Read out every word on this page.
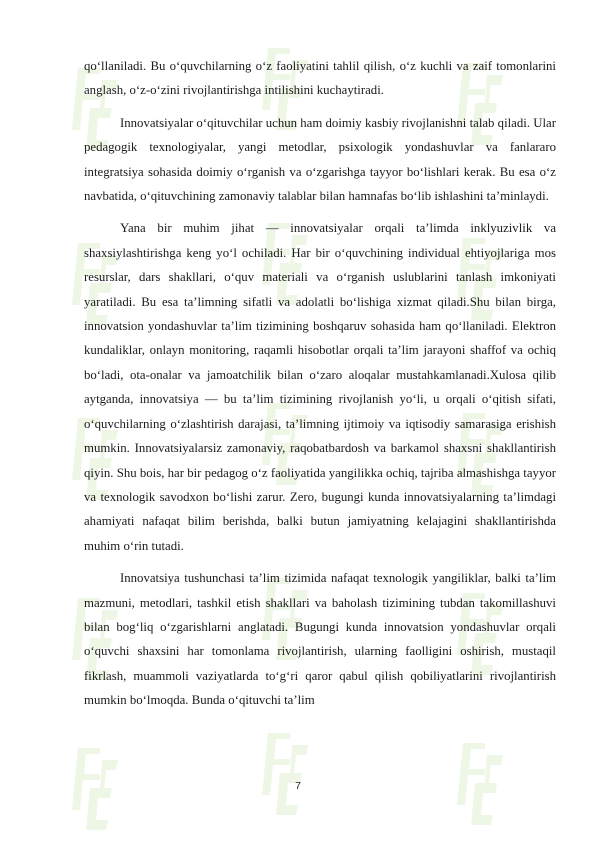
qo‘llaniladi. Bu o‘quvchilarning o‘z faoliyatini tahlil qilish, o‘z kuchli va zaif tomonlarini anglash, o‘z-o‘zini rivojlantirishga intilishini kuchaytiradi.

Innovatsiyalar o‘qituvchilar uchun ham doimiy kasbiy rivojlanishni talab qiladi. Ular pedagogik texnologiyalar, yangi metodlar, psixologik yondashuvlar va fanlararo integratsiya sohasida doimiy o‘rganish va o‘zgarishga tayyor bo‘lishlari kerak. Bu esa o‘z navbatida, o‘qituvchining zamonaviy talablar bilan hamnafas bo‘lib ishlashini ta’minlaydi.

Yana bir muhim jihat — innovatsiyalar orqali ta’limda inklyuzivlik va shaxsiylashtirishga keng yo‘l ochiladi. Har bir o‘quvchining individual ehtiyojlariga mos resurslar, dars shakllari, o‘quv materiali va o‘rganish uslublarini tanlash imkoniyati yaratiladi. Bu esa ta’limning sifatli va adolatli bo‘lishiga xizmat qiladi.Shu bilan birga, innovatsion yondashuvlar ta’lim tizimining boshqaruv sohasida ham qo‘llaniladi. Elektron kundaliklar, onlayn monitoring, raqamli hisobotlar orqali ta’lim jarayoni shaffof va ochiq bo‘ladi, ota-onalar va jamoatchilik bilan o‘zaro aloqalar mustahkamlanadi.Xulosa qilib aytganda, innovatsiya — bu ta’lim tizimining rivojlanish yo‘li, u orqali o‘qitish sifati, o‘quvchilarning o‘zlashtirish darajasi, ta’limning ijtimoiy va iqtisodiy samarasiga erishish mumkin. Innovatsiyalarsiz zamonaviy, raqobatbardosh va barkamol shaxsni shakllantirish qiyin. Shu bois, har bir pedagog o‘z faoliyatida yangilikka ochiq, tajriba almashishga tayyor va texnologik savodxon bo‘lishi zarur. Zero, bugungi kunda innovatsiyalarning ta’limdagi ahamiyati nafaqat bilim berishda, balki butun jamiyatning kelajagini shakllantirishda muhim o‘rin tutadi.

Innovatsiya tushunchasi ta’lim tizimida nafaqat texnologik yangiliklar, balki ta’lim mazmuni, metodlari, tashkil etish shakllari va baholash tizimining tubdan takomillashuvi bilan bog‘liq o‘zgarishlarni anglatadi. Bugungi kunda innovatsion yondashuvlar orqali o‘quvchi shaxsini har tomonlama rivojlantirish, ularning faolligini oshirish, mustaqil fikrlash, muammoli vaziyatlarda to‘g‘ri qaror qabul qilish qobiliyatlarini rivojlantirish mumkin bo‘lmoqda. Bunda o‘qituvchi ta’lim

7
